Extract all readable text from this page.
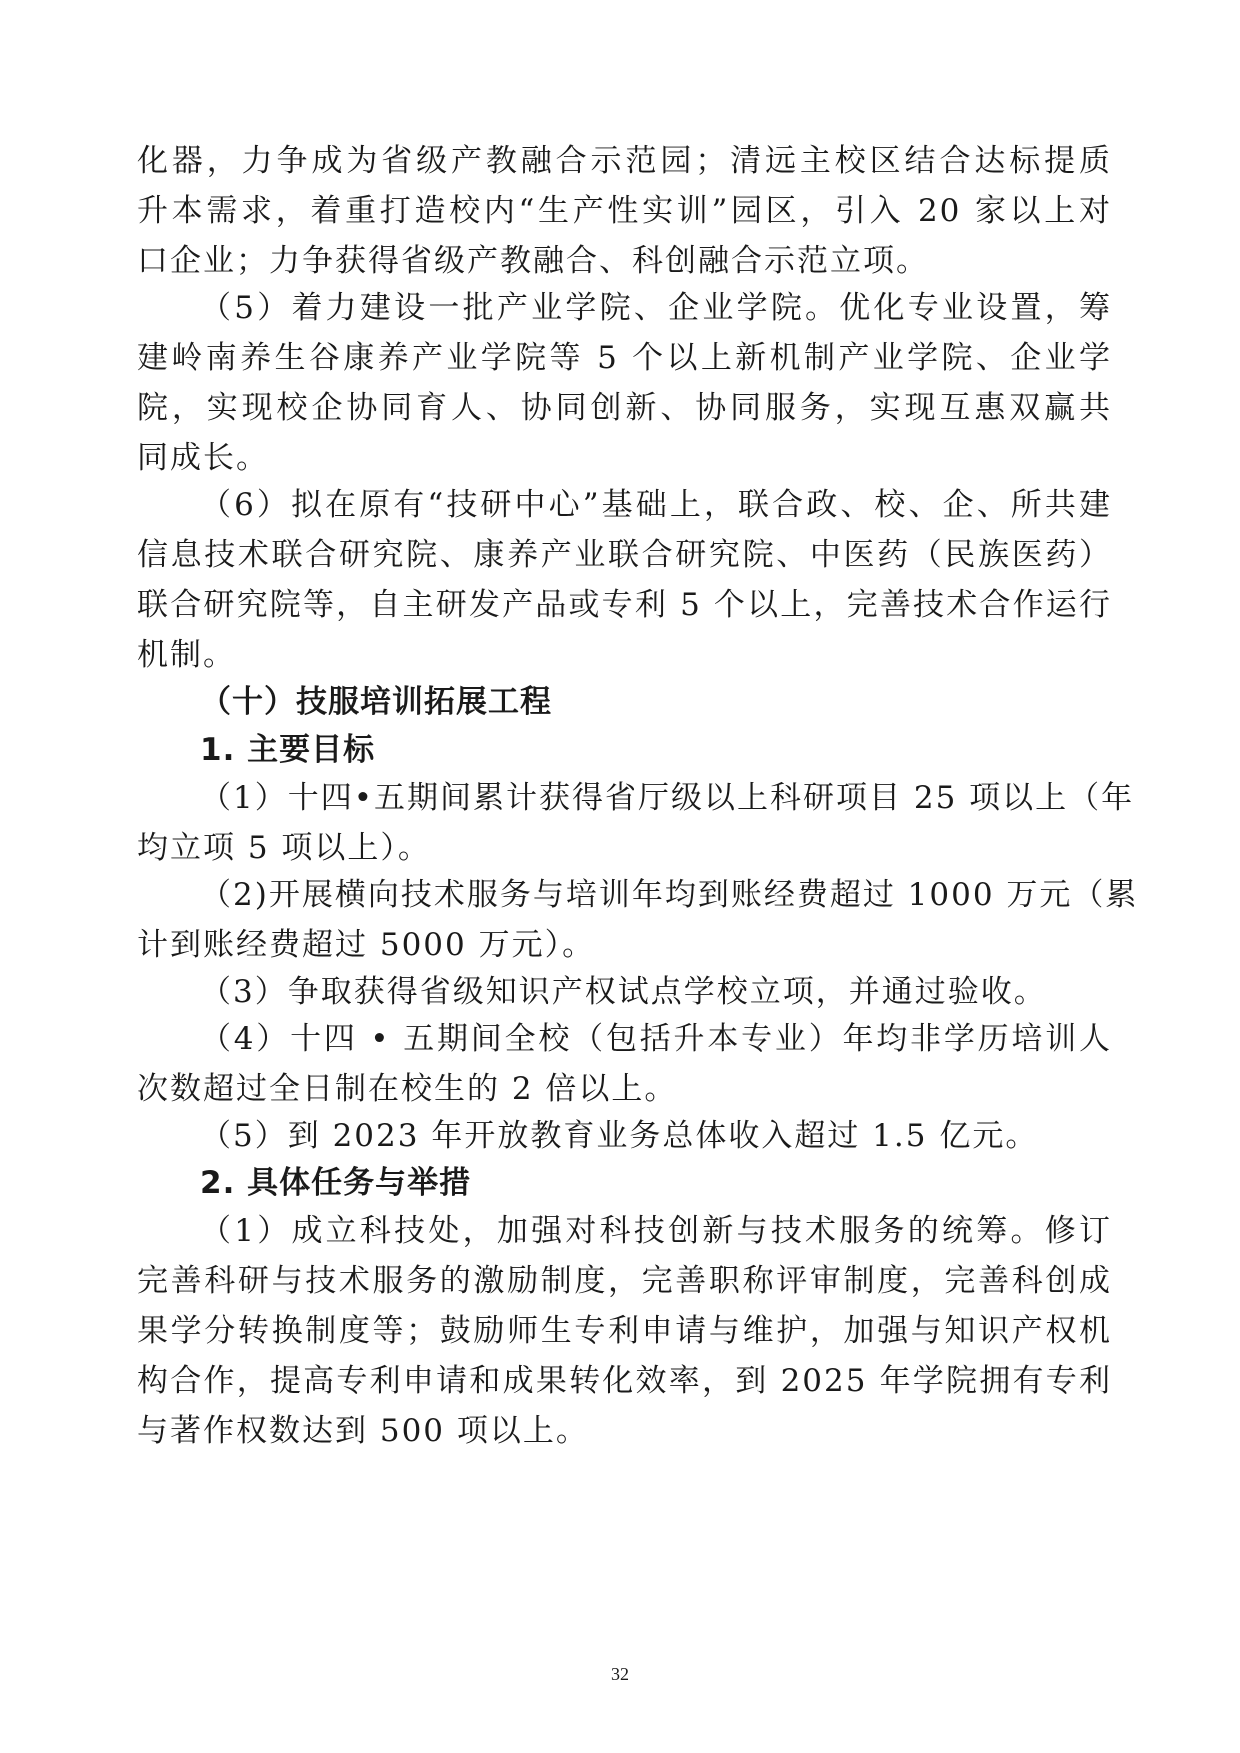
化器，力争成为省级产教融合示范园；清远主校区结合达标提质
升本需求，着重打造校内“生产性实训”园区，引入 20 家以上对
口企业；力争获得省级产教融合、科创融合示范立项。
（5）着力建设一批产业学院、企业学院。优化专业设置，筹
建岭南养生谷康养产业学院等 5 个以上新机制产业学院、企业学
院，实现校企协同育人、协同创新、协同服务，实现互惠双赢共
同成长。
（6）拟在原有“技研中心”基础上，联合政、校、企、所共建
信息技术联合研究院、康养产业联合研究院、中医药（民族医药）
联合研究院等，自主研发产品或专利 5 个以上，完善技术合作运行
机制。
（十）技服培训拓展工程
1. 主要目标
（1）十四•五期间累计获得省厅级以上科研项目 25 项以上（年
均立项 5 项以上）。
（2)开展横向技术服务与培训年均到账经费超过 1000 万元（累
计到账经费超过 5000 万元）。
（3）争取获得省级知识产权试点学校立项，并通过验收。
（4）十四 • 五期间全校（包括升本专业）年均非学历培训人
次数超过全日制在校生的 2 倍以上。
（5）到 2023 年开放教育业务总体收入超过 1.5 亿元。
2. 具体任务与举措
（1）成立科技处，加强对科技创新与技术服务的统筹。修订
完善科研与技术服务的激励制度，完善职称评审制度，完善科创成
果学分转换制度等；鼓励师生专利申请与维护，加强与知识产权机
构合作，提高专利申请和成果转化效率，到 2025 年学院拥有专利
与著作权数达到 500 项以上。
32
